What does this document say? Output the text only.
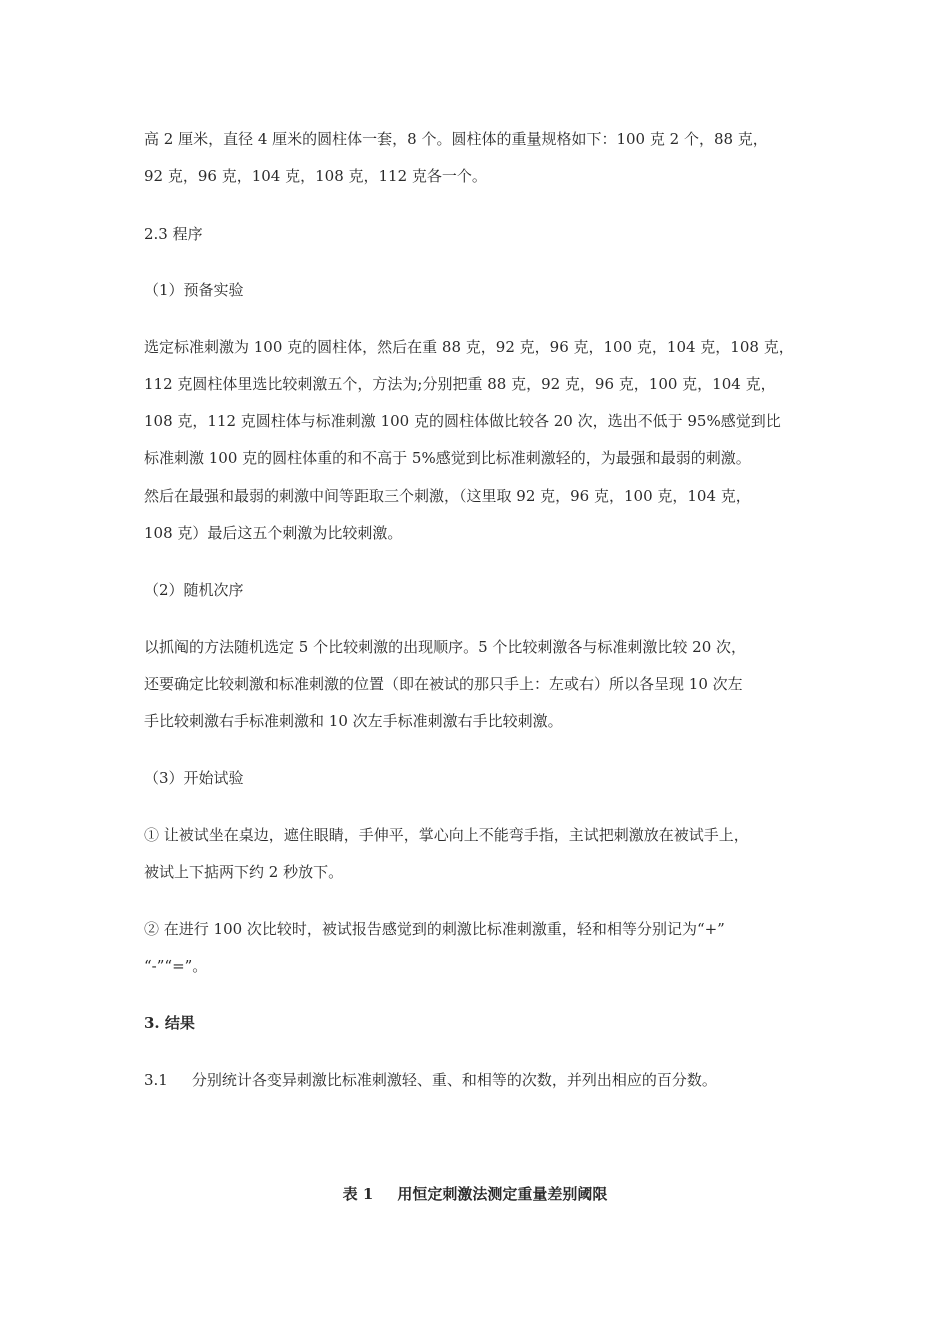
高 2 厘米，直径 4 厘米的圆柱体一套，8 个。圆柱体的重量规格如下：100 克 2 个，88 克，
92 克，96 克，104 克，108 克，112 克各一个。
2.3 程序
（1）预备实验
选定标准刺激为 100 克的圆柱体，然后在重 88 克，92 克，96 克，100 克，104 克，108 克，
112 克圆柱体里选比较刺激五个，方法为;分别把重 88 克，92 克，96 克，100 克，104 克，
108 克，112 克圆柱体与标准刺激 100 克的圆柱体做比较各 20 次，选出不低于 95%感觉到比
标准刺激 100 克的圆柱体重的和不高于 5%感觉到比标准刺激轻的，为最强和最弱的刺激。
然后在最强和最弱的刺激中间等距取三个刺激，（这里取 92 克，96 克，100 克，104 克，
108 克）最后这五个刺激为比较刺激。
（2）随机次序
以抓阄的方法随机选定 5 个比较刺激的出现顺序。5 个比较刺激各与标准刺激比较 20 次，
还要确定比较刺激和标准刺激的位置（即在被试的那只手上：左或右）所以各呈现 10 次左
手比较刺激右手标准刺激和 10 次左手标准刺激右手比较刺激。
（3）开始试验
① 让被试坐在桌边，遮住眼睛，手伸平，掌心向上不能弯手指，主试把刺激放在被试手上，
被试上下掂两下约 2 秒放下。
② 在进行 100 次比较时，被试报告感觉到的刺激比标准刺激重，轻和相等分别记为“+”
“-”“=”。
3. 结果
3.1 分别统计各变异刺激比标准刺激轻、重、和相等的次数，并列出相应的百分数。
表 1 用恒定刺激法测定重量差别阈限
